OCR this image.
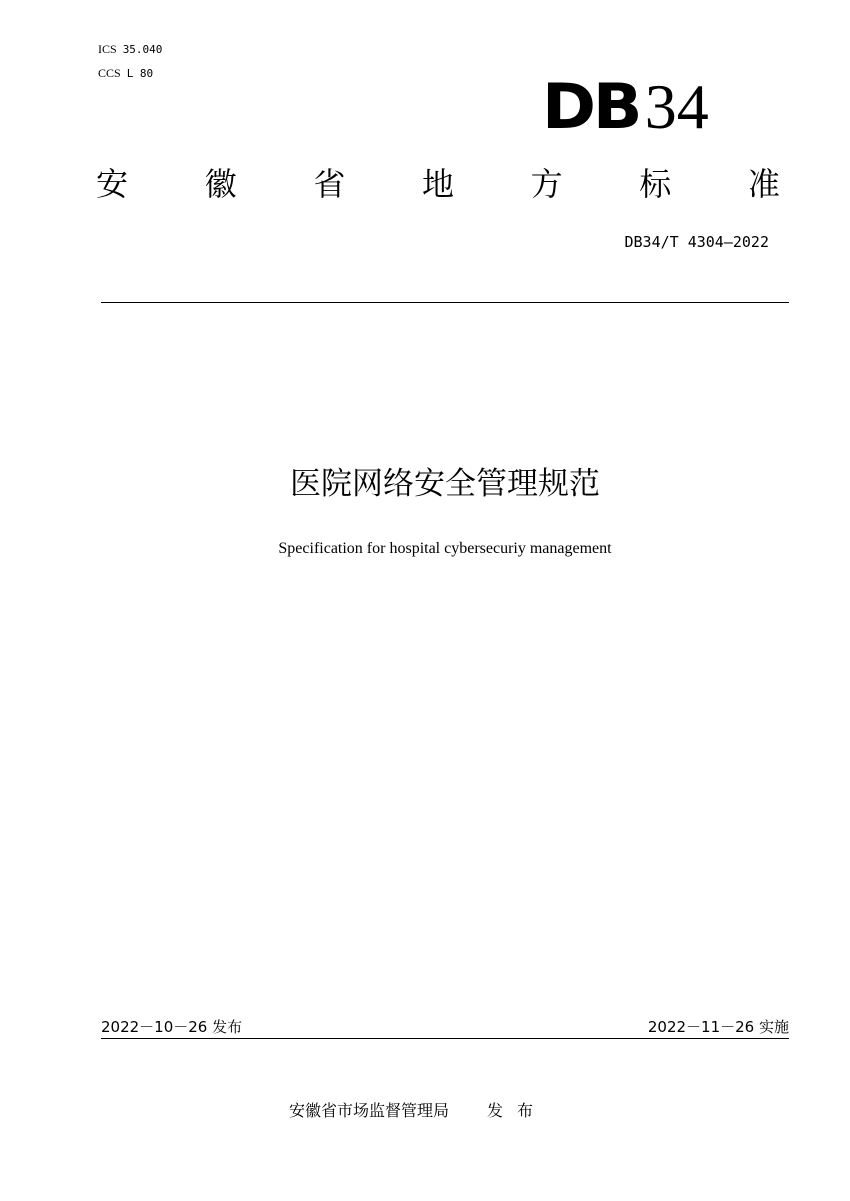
ICS 35.040
CCS L 80	DB 34
安 徽 省 地 方 标 准
DB34/T 4304—2022
医院网络安全管理规范
Specification for hospital cybersecuriy management
2022－10－26 发布	2022－11－26 实施
安徽省市场监督管理局 发布
